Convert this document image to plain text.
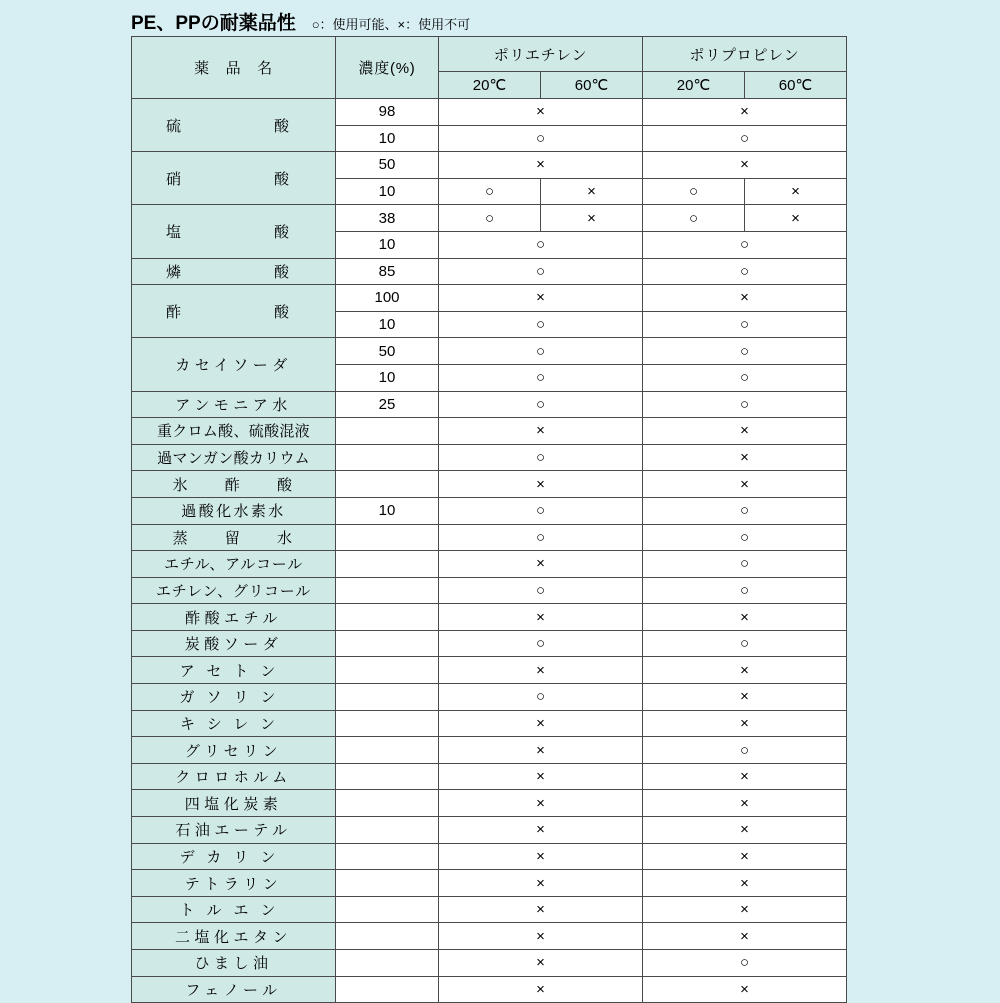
PE、PPの耐薬品性 ○：使用可能、×：使用不可
薬　品　名	濃度(%)	ポリエチレン		ポリプロピレン	
		20℃	60℃	20℃	60℃
硫　　　酸	98	×		×	
	10	○		○	
硝　　　酸	50	×		×	
	10	○	×	○	×
塩　　　酸	38	○	×	○	×
	10	○		○	
燐　　　酸	85	○		○	
酢　　　酸	100	×		×	
	10	○		○	
カセイソーダ	50	○		○	
	10	○		○	
アンモニア水	25	○		○	
重クロム酸、硫酸混液		×		×	
過マンガン酸カリウム		○		×	
氷　　酢　　酸		×		×	
過酸化水素水	10	○		○	
蒸　　留　　水		○		○	
エチル、アルコール		×		○	
エチレン、グリコール		○		○	
酢酸エチル		×		×	
炭酸ソーダ		○		○	
アセトン		×		×	
ガソリン		○		×	
キシレン		×		×	
グリセリン		×		○	
クロロホルム		×		×	
四塩化炭素		×		×	
石油エーテル		×		×	
デカリン		×		×	
テトラリン		×		×	
トルエン		×		×	
二塩化エタン		×		×	
ひまし油		×		○	
フェノール		×		×	
